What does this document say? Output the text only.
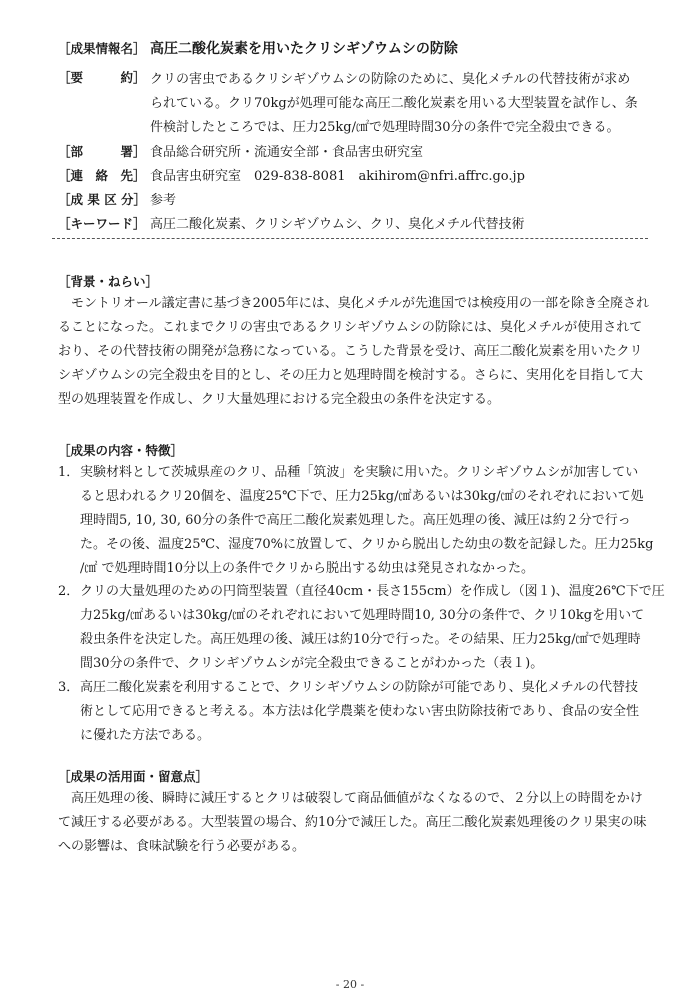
［成果情報名］ 高圧二酸化炭素を用いたクリシギゾウムシの防除
［要　　　約］ クリの害虫であるクリシギゾウムシの防除のために、臭化メチルの代替技術が求め
られている。クリ70kgが処理可能な高圧二酸化炭素を用いる大型装置を試作し、条
件検討したところでは、圧力25kg/㎠で処理時間30分の条件で完全殺虫できる。
［部　　　署］ 食品総合研究所・流通安全部・食品害虫研究室
［連　絡　先］ 食品害虫研究室　029-838-8081　akihirom@nfri.affrc.go.jp
［成 果 区 分］ 参考
［キーワード］ 高圧二酸化炭素、クリシギゾウムシ、クリ、臭化メチル代替技術
［背景・ねらい］
　モントリオール議定書に基づき2005年には、臭化メチルが先進国では検疫用の一部を除き全廃され
ることになった。これまでクリの害虫であるクリシギゾウムシの防除には、臭化メチルが使用されて
おり、その代替技術の開発が急務になっている。こうした背景を受け、高圧二酸化炭素を用いたクリ
シギゾウムシの完全殺虫を目的とし、その圧力と処理時間を検討する。さらに、実用化を目指して大
型の処理装置を作成し、クリ大量処理における完全殺虫の条件を決定する。
［成果の内容・特徴］
1． 実験材料として茨城県産のクリ、品種「筑波」を実験に用いた。クリシギゾウムシが加害してい
ると思われるクリ20個を、温度25℃下で、圧力25kg/㎠あるいは30kg/㎠のそれぞれにおいて処
理時間5, 10, 30, 60分の条件で高圧二酸化炭素処理した。高圧処理の後、減圧は約２分で行っ
た。その後、温度25℃、湿度70%に放置して、クリから脱出した幼虫の数を記録した。圧力25kg
/㎠ で処理時間10分以上の条件でクリから脱出する幼虫は発見されなかった。
2． クリの大量処理のための円筒型装置（直径40cm・長さ155cm）を作成し（図１)、温度26℃下で圧
力25kg/㎠あるいは30kg/㎠のそれぞれにおいて処理時間10, 30分の条件で、クリ10kgを用いて
殺虫条件を決定した。高圧処理の後、減圧は約10分で行った。その結果、圧力25kg/㎠で処理時
間30分の条件で、クリシギゾウムシが完全殺虫できることがわかった（表１)。
3． 高圧二酸化炭素を利用することで、クリシギゾウムシの防除が可能であり、臭化メチルの代替技
術として応用できると考える。本方法は化学農薬を使わない害虫防除技術であり、食品の安全性
に優れた方法である。
［成果の活用面・留意点］
　高圧処理の後、瞬時に減圧するとクリは破裂して商品価値がなくなるので、２分以上の時間をかけ
て減圧する必要がある。大型装置の場合、約10分で減圧した。高圧二酸化炭素処理後のクリ果実の味
への影響は、食味試験を行う必要がある。
- 20 -
